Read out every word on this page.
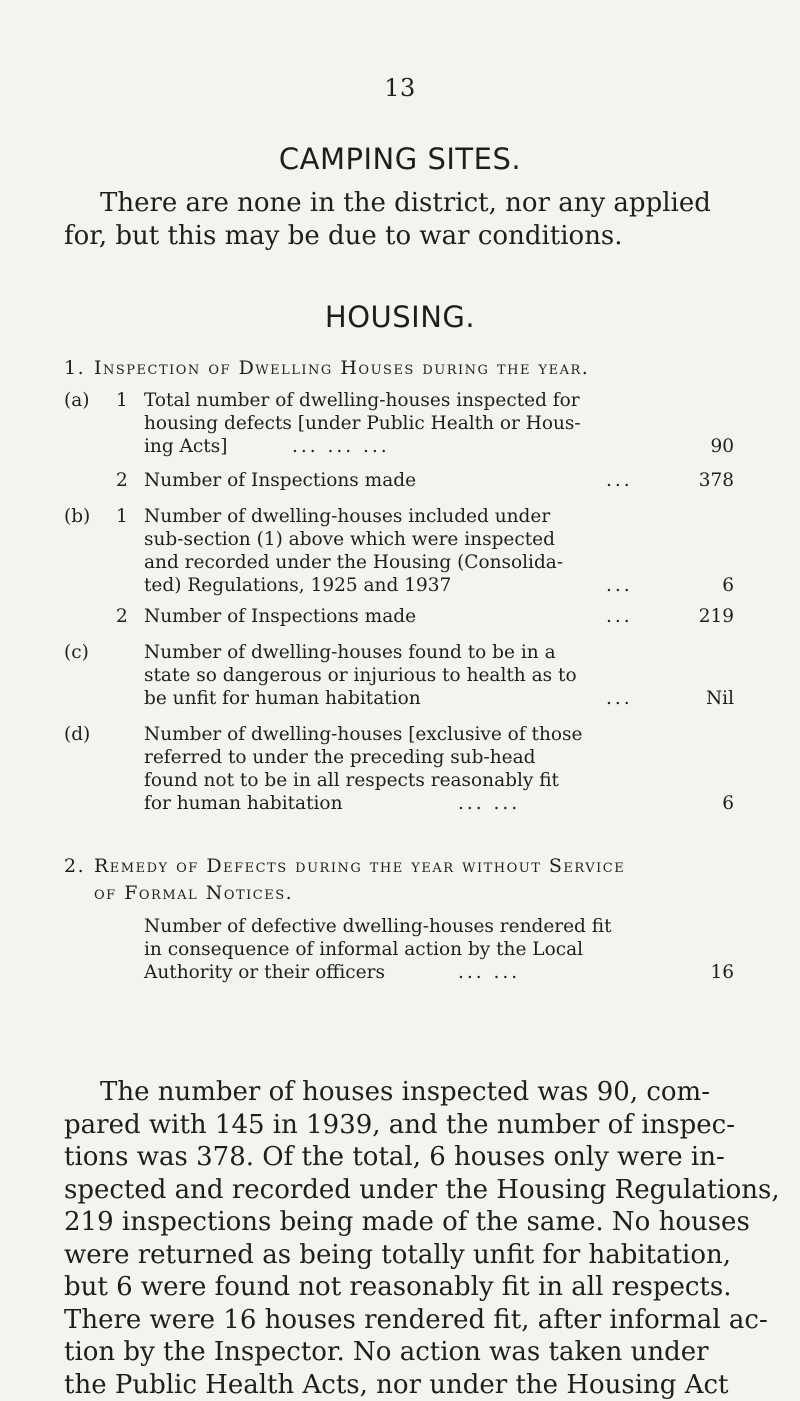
13
CAMPING SITES.

There are none in the district, nor any applied
for, but this may be due to war conditions.

HOUSING.

1. Inspection of Dwelling Houses during the year.

(a) 1 Total number of dwelling-houses inspected for
housing defects [under Public Health or Hous-
ing Acts]	... ... ...	90
2 Number of Inspections made	...	378
(b) 1 Number of dwelling-houses included under
sub-section (1) above which were inspected
and recorded under the Housing (Consolida-
ted) Regulations, 1925 and 1937	...	6
2 Number of Inspections made	...	219
(c)	Number of dwelling-houses found to be in a
state so dangerous or injurious to health as to
be unfit for human habitation	...	Nil
(d)	Number of dwelling-houses [exclusive of those
referred to under the preceding sub-head
found not to be in all respects reasonably fit
for human habitation	... ...	6

2. Remedy of Defects during the year without Service
of Formal Notices.

Number of defective dwelling-houses rendered fit
in consequence of informal action by the Local
Authority or their officers	... ...	16

The number of houses inspected was 90, com-
pared with 145 in 1939, and the number of inspec-
tions was 378. Of the total, 6 houses only were in-
spected and recorded under the Housing Regulations,
219 inspections being made of the same. No houses
were returned as being totally unfit for habitation,
but 6 were found not reasonably fit in all respects.
There were 16 houses rendered fit, after informal ac-
tion by the Inspector. No action was taken under
the Public Health Acts, nor under the Housing Act
